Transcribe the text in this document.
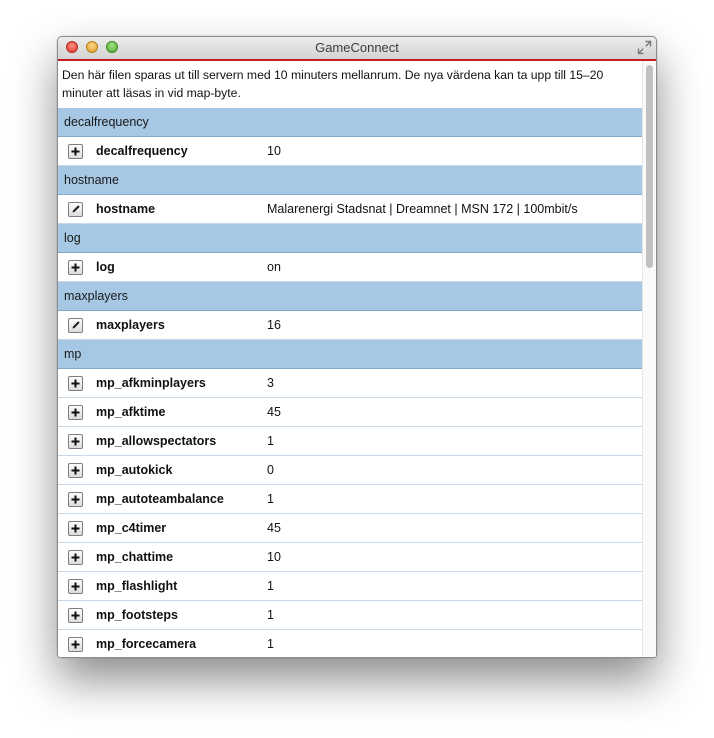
GameConnect
Den här filen sparas ut till servern med 10 minuters mellanrum. De nya värdena kan ta upp till 15–20 minuter att läsas in vid map-byte.
decalfrequency
decalfrequency	10
hostname
hostname	Malarenergi Stadsnat | Dreamnet | MSN 172 | 100mbit/s
log
log	on
maxplayers
maxplayers	16
mp
mp_afkminplayers	3
mp_afktime	45
mp_allowspectators	1
mp_autokick	0
mp_autoteambalance	1
mp_c4timer	45
mp_chattime	10
mp_flashlight	1
mp_footsteps	1
mp_forcecamera	1
